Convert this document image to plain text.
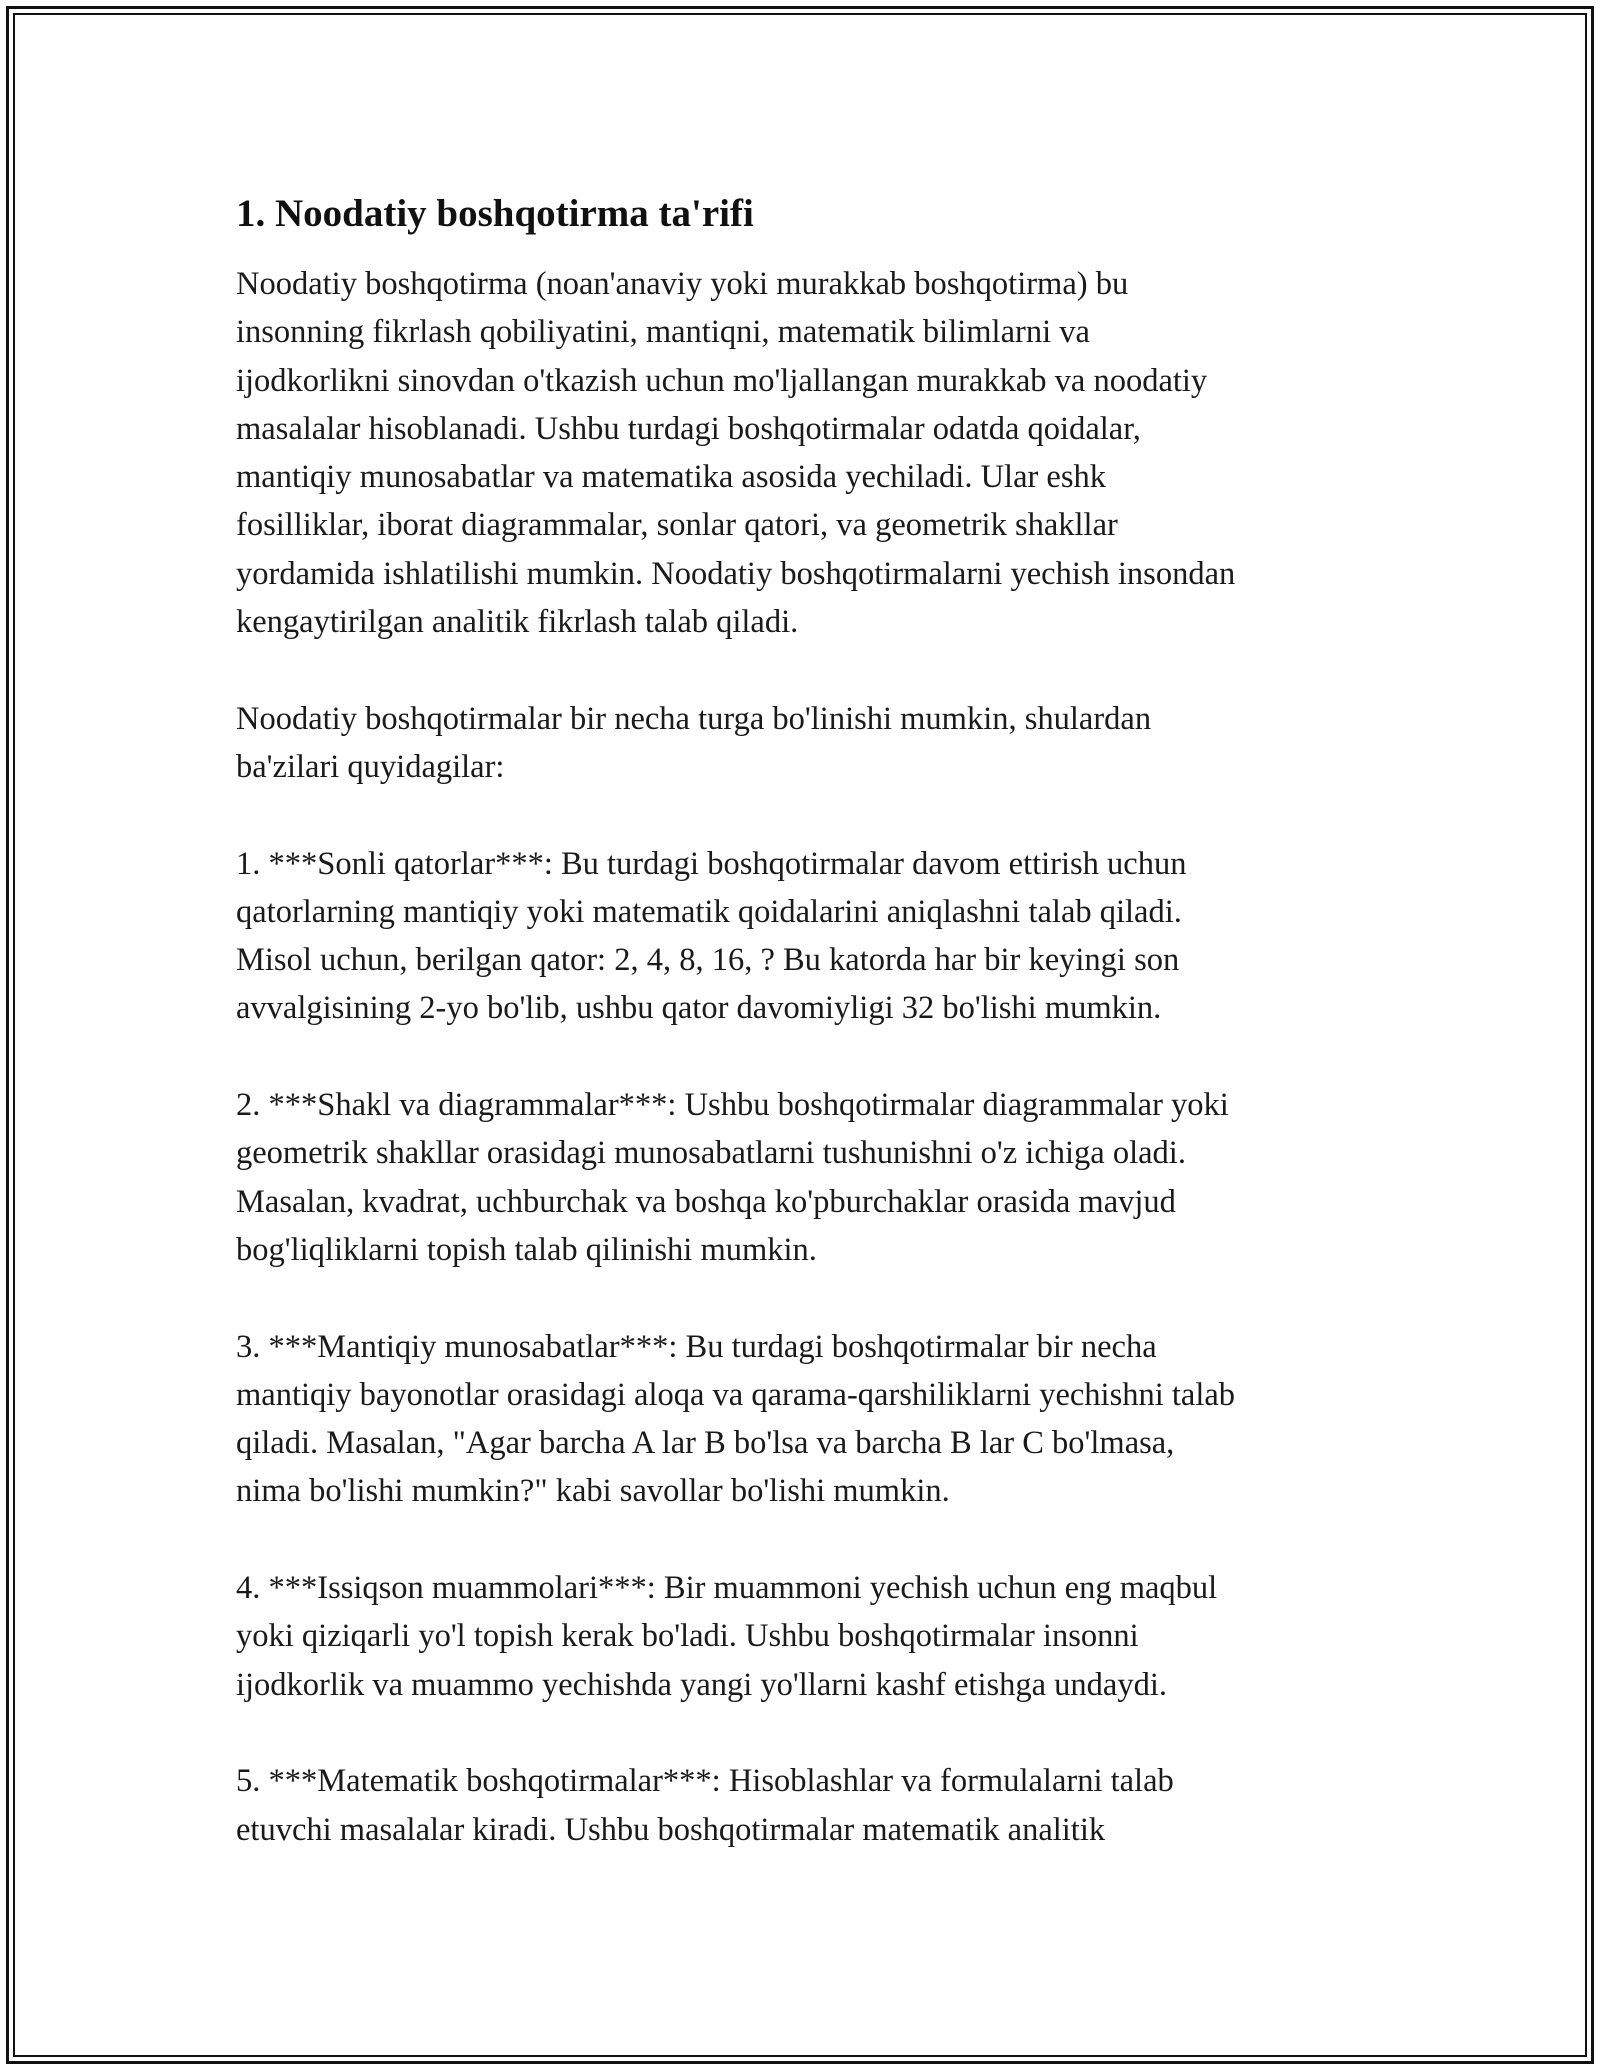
1. Noodatiy boshqotirma ta'rifi

Noodatiy boshqotirma (noan'anaviy yoki murakkab boshqotirma) bu
insonning fikrlash qobiliyatini, mantiqni, matematik bilimlarni va
ijodkorlikni sinovdan o'tkazish uchun mo'ljallangan murakkab va noodatiy
masalalar hisoblanadi. Ushbu turdagi boshqotirmalar odatda qoidalar,
mantiqiy munosabatlar va matematika asosida yechiladi. Ular eshk
fosilliklar, iborat diagrammalar, sonlar qatori, va geometrik shakllar
yordamida ishlatilishi mumkin. Noodatiy boshqotirmalarni yechish insondan
kengaytirilgan analitik fikrlash talab qiladi.

Noodatiy boshqotirmalar bir necha turga bo'linishi mumkin, shulardan
ba'zilari quyidagilar:

1. ***Sonli qatorlar***: Bu turdagi boshqotirmalar davom ettirish uchun
qatorlarning mantiqiy yoki matematik qoidalarini aniqlashni talab qiladi.
Misol uchun, berilgan qator: 2, 4, 8, 16, ? Bu katorda har bir keyingi son
avvalgisining 2-yo bo'lib, ushbu qator davomiyligi 32 bo'lishi mumkin.

2. ***Shakl va diagrammalar***: Ushbu boshqotirmalar diagrammalar yoki
geometrik shakllar orasidagi munosabatlarni tushunishni o'z ichiga oladi.
Masalan, kvadrat, uchburchak va boshqa ko'pburchaklar orasida mavjud
bog'liqliklarni topish talab qilinishi mumkin.

3. ***Mantiqiy munosabatlar***: Bu turdagi boshqotirmalar bir necha
mantiqiy bayonotlar orasidagi aloqa va qarama-qarshiliklarni yechishni talab
qiladi. Masalan, "Agar barcha A lar B bo'lsa va barcha B lar C bo'lmasa,
nima bo'lishi mumkin?" kabi savollar bo'lishi mumkin.

4. ***Issiqson muammolari***: Bir muammoni yechish uchun eng maqbul
yoki qiziqarli yo'l topish kerak bo'ladi. Ushbu boshqotirmalar insonni
ijodkorlik va muammo yechishda yangi yo'llarni kashf etishga undaydi.

5. ***Matematik boshqotirmalar***: Hisoblashlar va formulalarni talab
etuvchi masalalar kiradi. Ushbu boshqotirmalar matematik analitik
